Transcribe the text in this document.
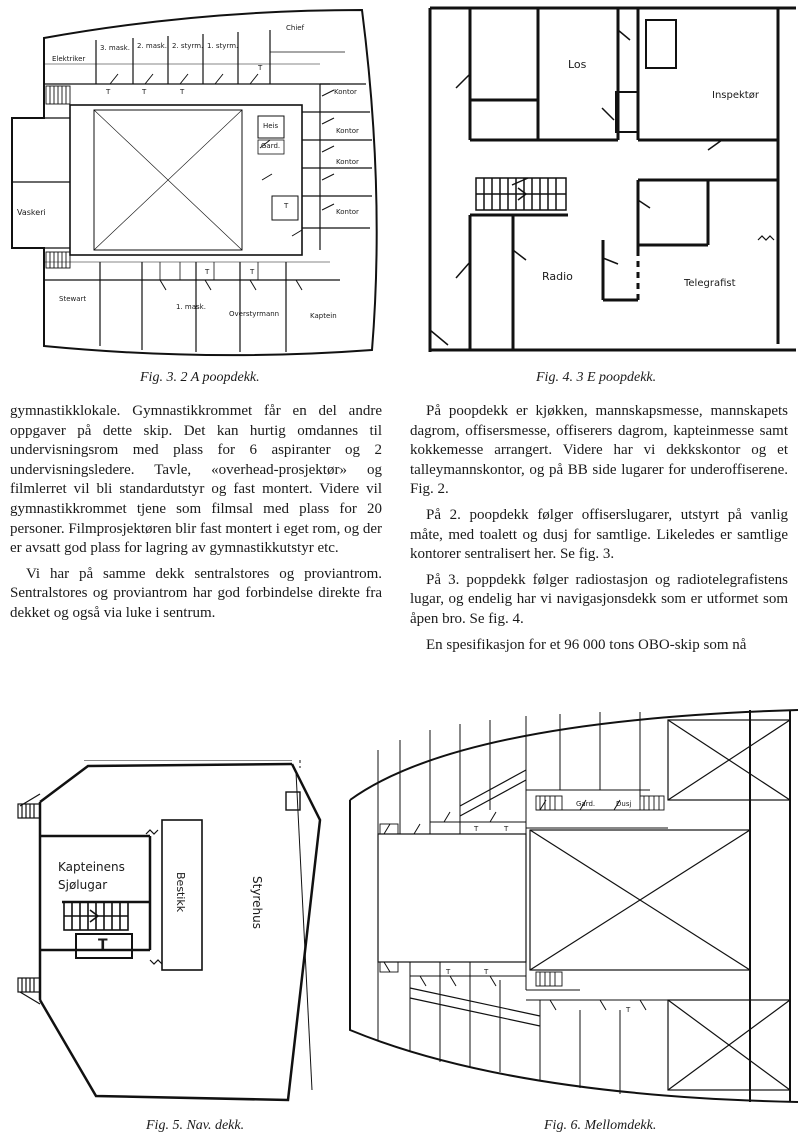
Elektriker
3. mask. 2. mask. 2. styrm. 1. styrm.
Chief
Kontor
Kontor
Kontor
Kontor
Heis
Gard.
Vaskeri
Stewart
1. mask.
Overstyrmann	Kaptein
T	T	T
T
T
T	T
Fig. 3. 2 A poopdekk.
Los
Inspektør
Radio
Telegrafist
Fig. 4. 3 E poopdekk.

gymnastikklokale. Gymnastikkrommet får en del andre oppgaver på dette skip. Det kan hurtig omdannes til undervisningsrom med plass for 6 aspiranter og 2 undervisningsledere. Tavle, «overhead-prosjektør» og filmlerret vil bli standardutstyr og fast montert. Videre vil gymnastikkrommet tjene som filmsal med plass for 20 personer. Filmprosjektøren blir fast montert i eget rom, og der er avsatt god plass for lagring av gymnastikkutstyr etc.

Vi har på samme dekk sentralstores og proviantrom. Sentralstores og proviantrom har god forbindelse direkte fra dekket og også via luke i sentrum.

På poopdekk er kjøkken, mannskapsmesse, mannskapets dagrom, offisersmesse, offiserers dagrom, kapteinmesse samt kokkemesse arrangert. Videre har vi dekkskontor og et talleymannskontor, og på BB side lugarer for underoffiserene. Fig. 2.

På 2. poopdekk følger offiserslugarer, utstyrt på vanlig måte, med toalett og dusj for samtlige. Likeledes er samtlige kontorer sentralisert her. Se fig. 3.

På 3. poppdekk følger radiostasjon og radiotelegrafistens lugar, og endelig har vi navigasjonsdekk som er utformet som åpen bro. Se fig. 4.

En spesifikasjon for et 96 000 tons OBO-skip som nå

Kapteinens
Sjølugar	Bestikk	Styrehus
T
Fig. 5. Nav. dekk.
Gard.	Dusj
T	T
T	T
T
Fig. 6. Mellomdekk.
